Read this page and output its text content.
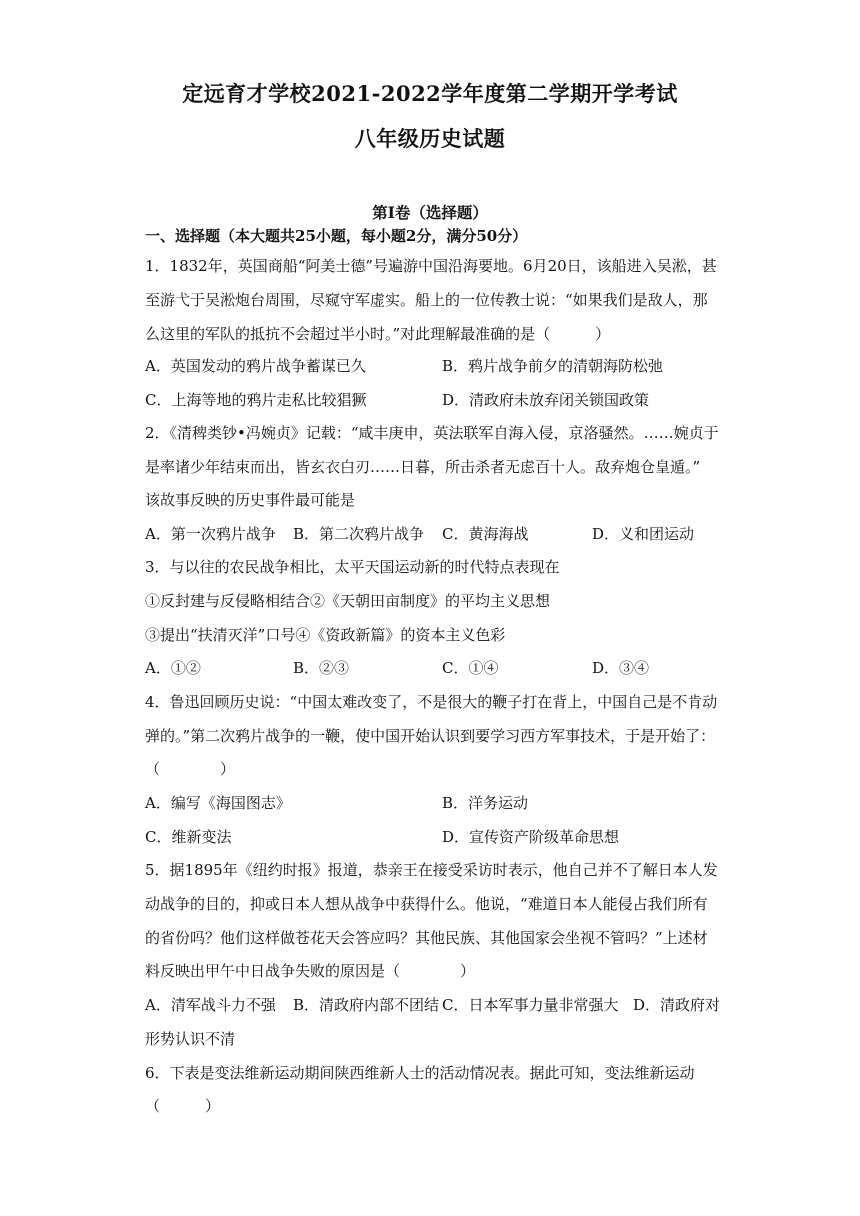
定远育才学校2021-2022学年度第二学期开学考试
八年级历史试题
第Ⅰ卷（选择题）
一、选择题（本大题共25小题，每小题2分，满分50分）
1．1832年，英国商船“阿美士德”号遍游中国沿海要地。6月20日，该船进入吴淞，甚
至游弋于吴淞炮台周围，尽窥守军虚实。船上的一位传教士说：“如果我们是敌人，那
么这里的军队的抵抗不会超过半小时。”对此理解最准确的是（　　　）
A．英国发动的鸦片战争蓄谋已久	B．鸦片战争前夕的清朝海防松弛
C．上海等地的鸦片走私比较猖獗	D．清政府未放弃闭关锁国政策
2．《清稗类钞•冯婉贞》记载：“咸丰庚申，英法联军自海入侵，京洛骚然。……婉贞于
是率诸少年结束而出，皆玄衣白刃……日暮，所击杀者无虑百十人。敌弃炮仓皇遁。”
该故事反映的历史事件最可能是
A．第一次鸦片战争 B．第二次鸦片战争 C．黄海海战	D．义和团运动
3．与以往的农民战争相比，太平天国运动新的时代特点表现在
①反封建与反侵略相结合②《天朝田亩制度》的平均主义思想
③提出“扶清灭洋”口号④《资政新篇》的资本主义色彩
A．①②	B．②③	C．①④	D．③④
4．鲁迅回顾历史说：“中国太难改变了，不是很大的鞭子打在背上，中国自己是不肯动
弹的。”第二次鸦片战争的一鞭，使中国开始认识到要学习西方军事技术，于是开始了：
（　　　　）
A．编写《海国图志》	B．洋务运动
C．维新变法	D．宣传资产阶级革命思想
5．据1895年《纽约时报》报道，恭亲王在接受采访时表示，他自己并不了解日本人发
动战争的目的，抑或日本人想从战争中获得什么。他说，“难道日本人能侵占我们所有
的省份吗？他们这样做苍花天会答应吗？其他民族、其他国家会坐视不管吗？”上述材
料反映出甲午中日战争失败的原因是（　　　　）
A．清军战斗力不强 B．清政府内部不团结 C．日本军事力量非常强大 D．清政府对
形势认识不清
6．下表是变法维新运动期间陕西维新人士的活动情况表。据此可知，变法维新运动
（　　　）
